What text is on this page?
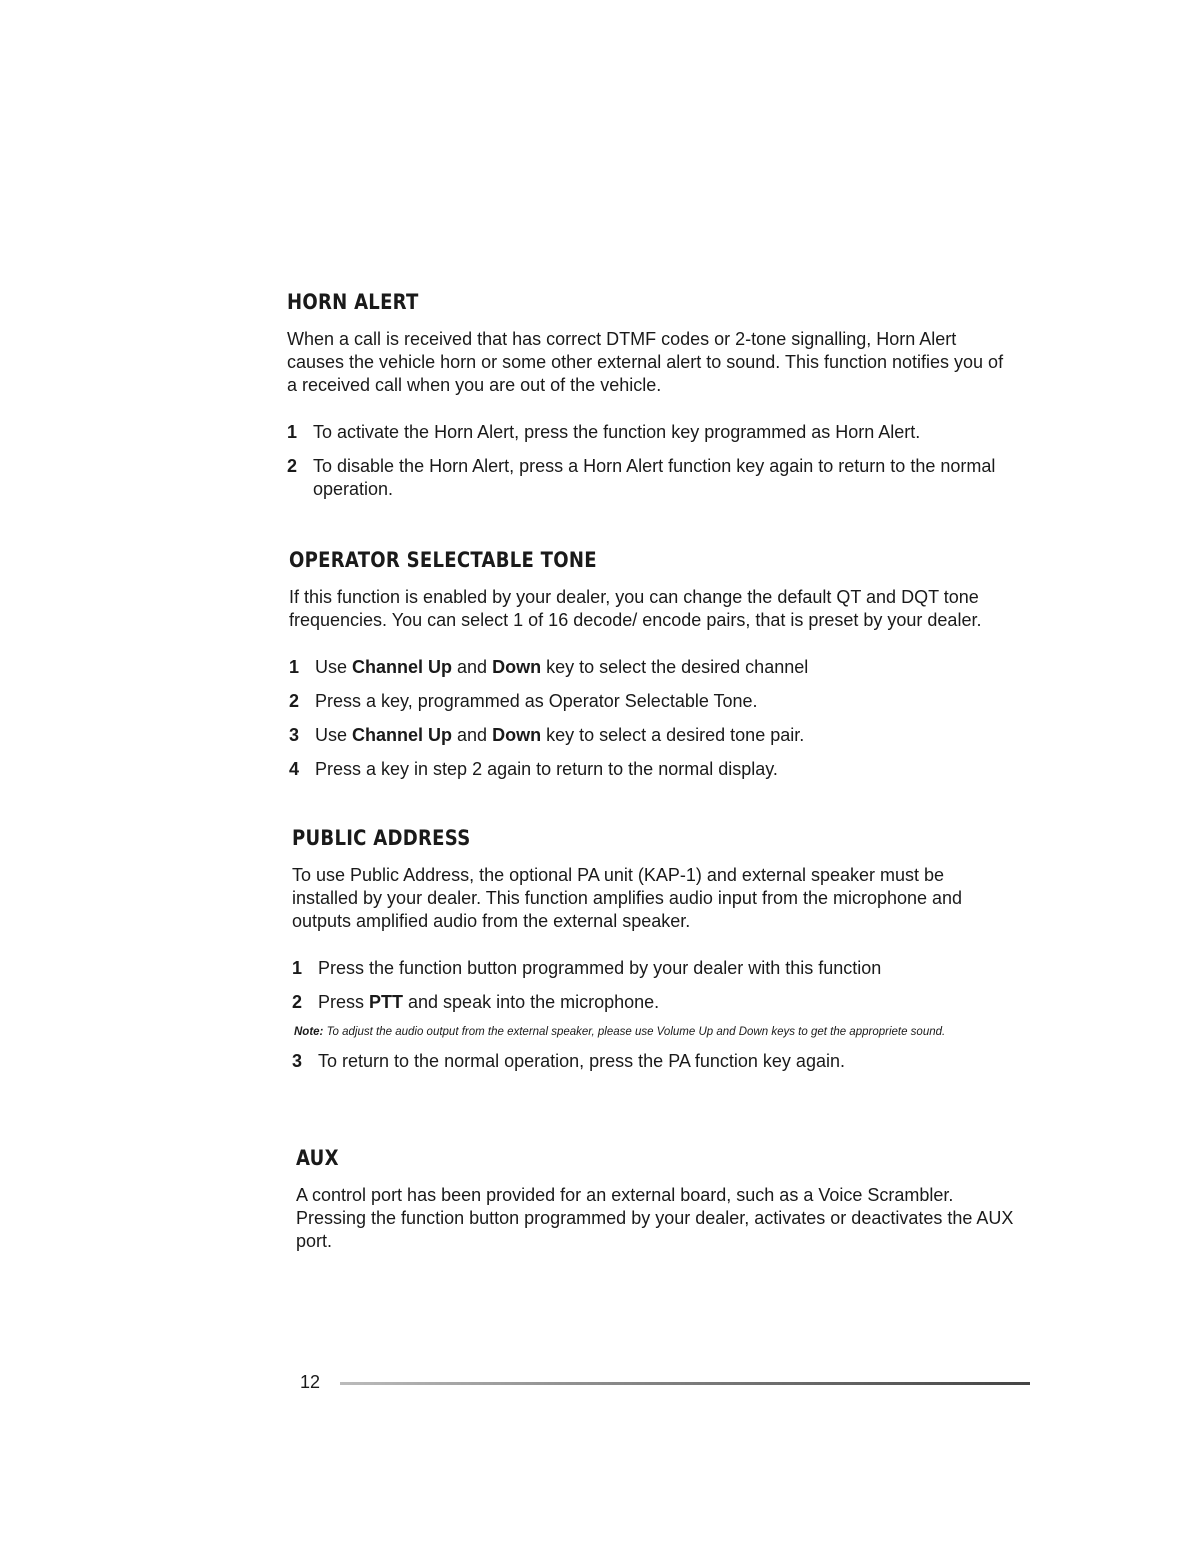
HORN ALERT

When a call is received that has correct DTMF codes or 2-tone signalling, Horn Alert causes the vehicle horn or some other external alert to sound. This function notifies you of a received call when you are out of the vehicle.

1 To activate the Horn Alert, press the function key programmed as Horn Alert.
2 To disable the Horn Alert, press a Horn Alert function key again to return to the normal operation.
OPERATOR SELECTABLE TONE

If this function is enabled by your dealer, you can change the default QT and DQT tone frequencies. You can select 1 of 16 decode/ encode pairs, that is preset by your dealer.

1 Use Channel Up and Down key to select the desired channel
2 Press a key, programmed as Operator Selectable Tone.
3 Use Channel Up and Down key to select a desired tone pair.
4 Press a key in step 2 again to return to the normal display.
PUBLIC ADDRESS

To use Public Address, the optional PA unit (KAP-1) and external speaker must be installed by your dealer. This function amplifies audio input from the microphone and outputs amplified audio from the external speaker.

1 Press the function button programmed by your dealer with this function
2 Press PTT and speak into the microphone.

Note: To adjust the audio output from the external speaker, please use Volume Up and Down keys to get the appropriete sound.

3 To return to the normal operation, press the PA function key again.
AUX

A control port has been provided for an external board, such as a Voice Scrambler. Pressing the function button programmed by your dealer, activates or deactivates the AUX port.

12
